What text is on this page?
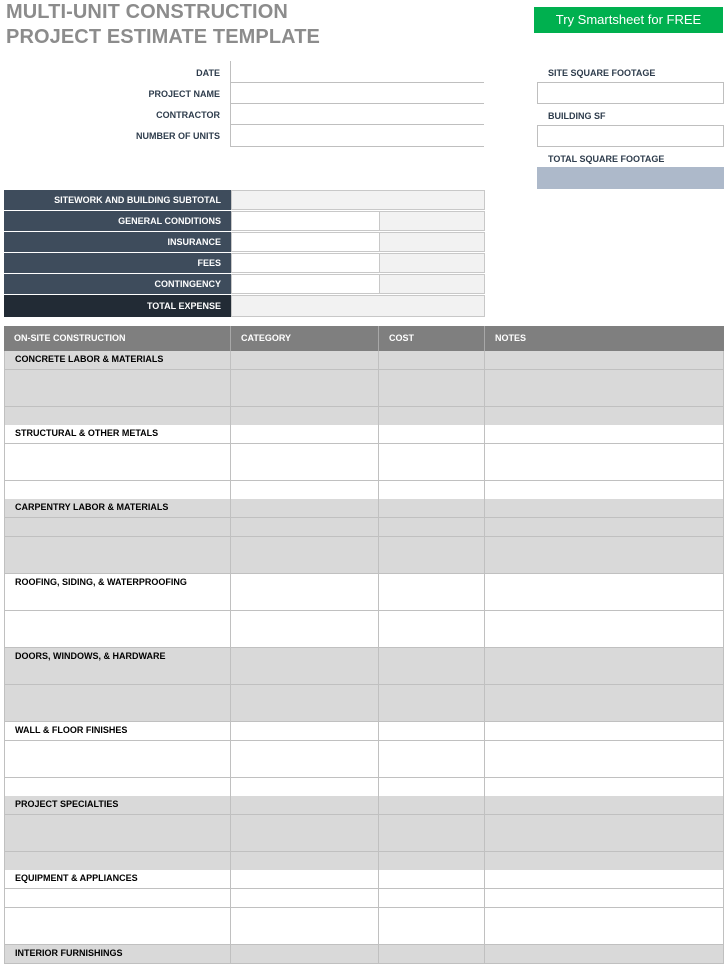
MULTI-UNIT CONSTRUCTION
PROJECT ESTIMATE TEMPLATE
Try Smartsheet for FREE
DATE
PROJECT NAME
CONTRACTOR
NUMBER OF UNITS
SITE SQUARE FOOTAGE
BUILDING SF
TOTAL SQUARE FOOTAGE
SITEWORK AND BUILDING SUBTOTAL
GENERAL CONDITIONS
INSURANCE
FEES
CONTINGENCY
TOTAL EXPENSE
ON-SITE CONSTRUCTION	CATEGORY	COST	NOTES
CONCRETE LABOR & MATERIALS
STRUCTURAL & OTHER METALS
CARPENTRY LABOR & MATERIALS
ROOFING, SIDING, & WATERPROOFING
DOORS, WINDOWS, & HARDWARE
WALL & FLOOR FINISHES
PROJECT SPECIALTIES
EQUIPMENT & APPLIANCES
INTERIOR FURNISHINGS
